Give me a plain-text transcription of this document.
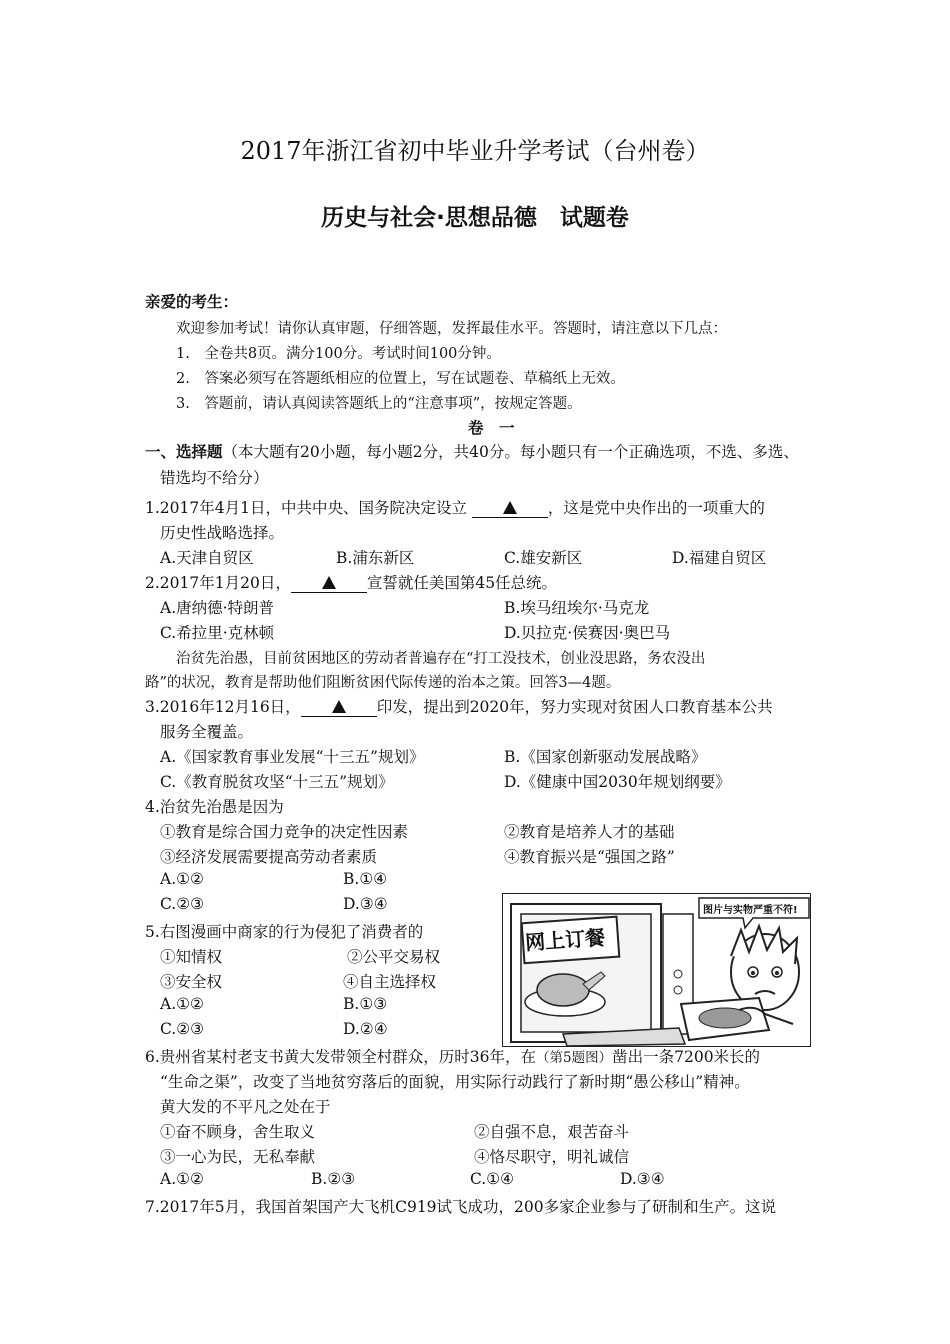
2017年浙江省初中毕业升学考试（台州卷）
历史与社会·思想品德　试题卷
亲爱的考生：
欢迎参加考试！请你认真审题，仔细答题，发挥最佳水平。答题时，请注意以下几点：
1.　全卷共8页。满分100分。考试时间100分钟。
2.　答案必须写在答题纸相应的位置上，写在试题卷、草稿纸上无效。
3.　答题前，请认真阅读答题纸上的“注意事项”，按规定答题。
卷　一
一、选择题（本大题有20小题，每小题2分，共40分。每小题只有一个正确选项，不选、多选、
错选均不给分）
1.2017年4月1日，中共中央、国务院决定设立	，这是党中央作出的一项重大的
历史性战略选择。
A.天津自贸区	B.浦东新区	C.雄安新区	D.福建自贸区
2.2017年1月20日，	宣誓就任美国第45任总统。
A.唐纳德·特朗普	B.埃马纽埃尔·马克龙
C.希拉里·克林顿	D.贝拉克·侯赛因·奥巴马
治贫先治愚，目前贫困地区的劳动者普遍存在“打工没技术，创业没思路，务农没出
路”的状况，教育是帮助他们阻断贫困代际传递的治本之策。回答3—4题。
3.2016年12月16日，	印发，提出到2020年，努力实现对贫困人口教育基本公共
服务全覆盖。
A.《国家教育事业发展“十三五”规划》	B.《国家创新驱动发展战略》
C.《教育脱贫攻坚“十三五”规划》	D.《健康中国2030年规划纲要》
4.治贫先治愚是因为
①教育是综合国力竞争的决定性因素	②教育是培养人才的基础
③经济发展需要提高劳动者素质	④教育振兴是“强国之路”
A.①②	B.①④
C.②③	D.③④
5.右图漫画中商家的行为侵犯了消费者的
①知情权	②公平交易权
③安全权	④自主选择权
A.①②	B.①③
C.②③	D.②④
网上订餐
图片与实物严重不符!
6.贵州省某村老支书黄大发带领全村群众，历时36年，在（第5题图）凿出一条7200米长的
“生命之渠”，改变了当地贫穷落后的面貌，用实际行动践行了新时期“愚公移山”精神。
黄大发的不平凡之处在于
①奋不顾身，舍生取义	②自强不息，艰苦奋斗
③一心为民，无私奉献	④恪尽职守，明礼诚信
A.①②	B.②③	C.①④	D.③④
7.2017年5月，我国首架国产大飞机C919试飞成功，200多家企业参与了研制和生产。这说
